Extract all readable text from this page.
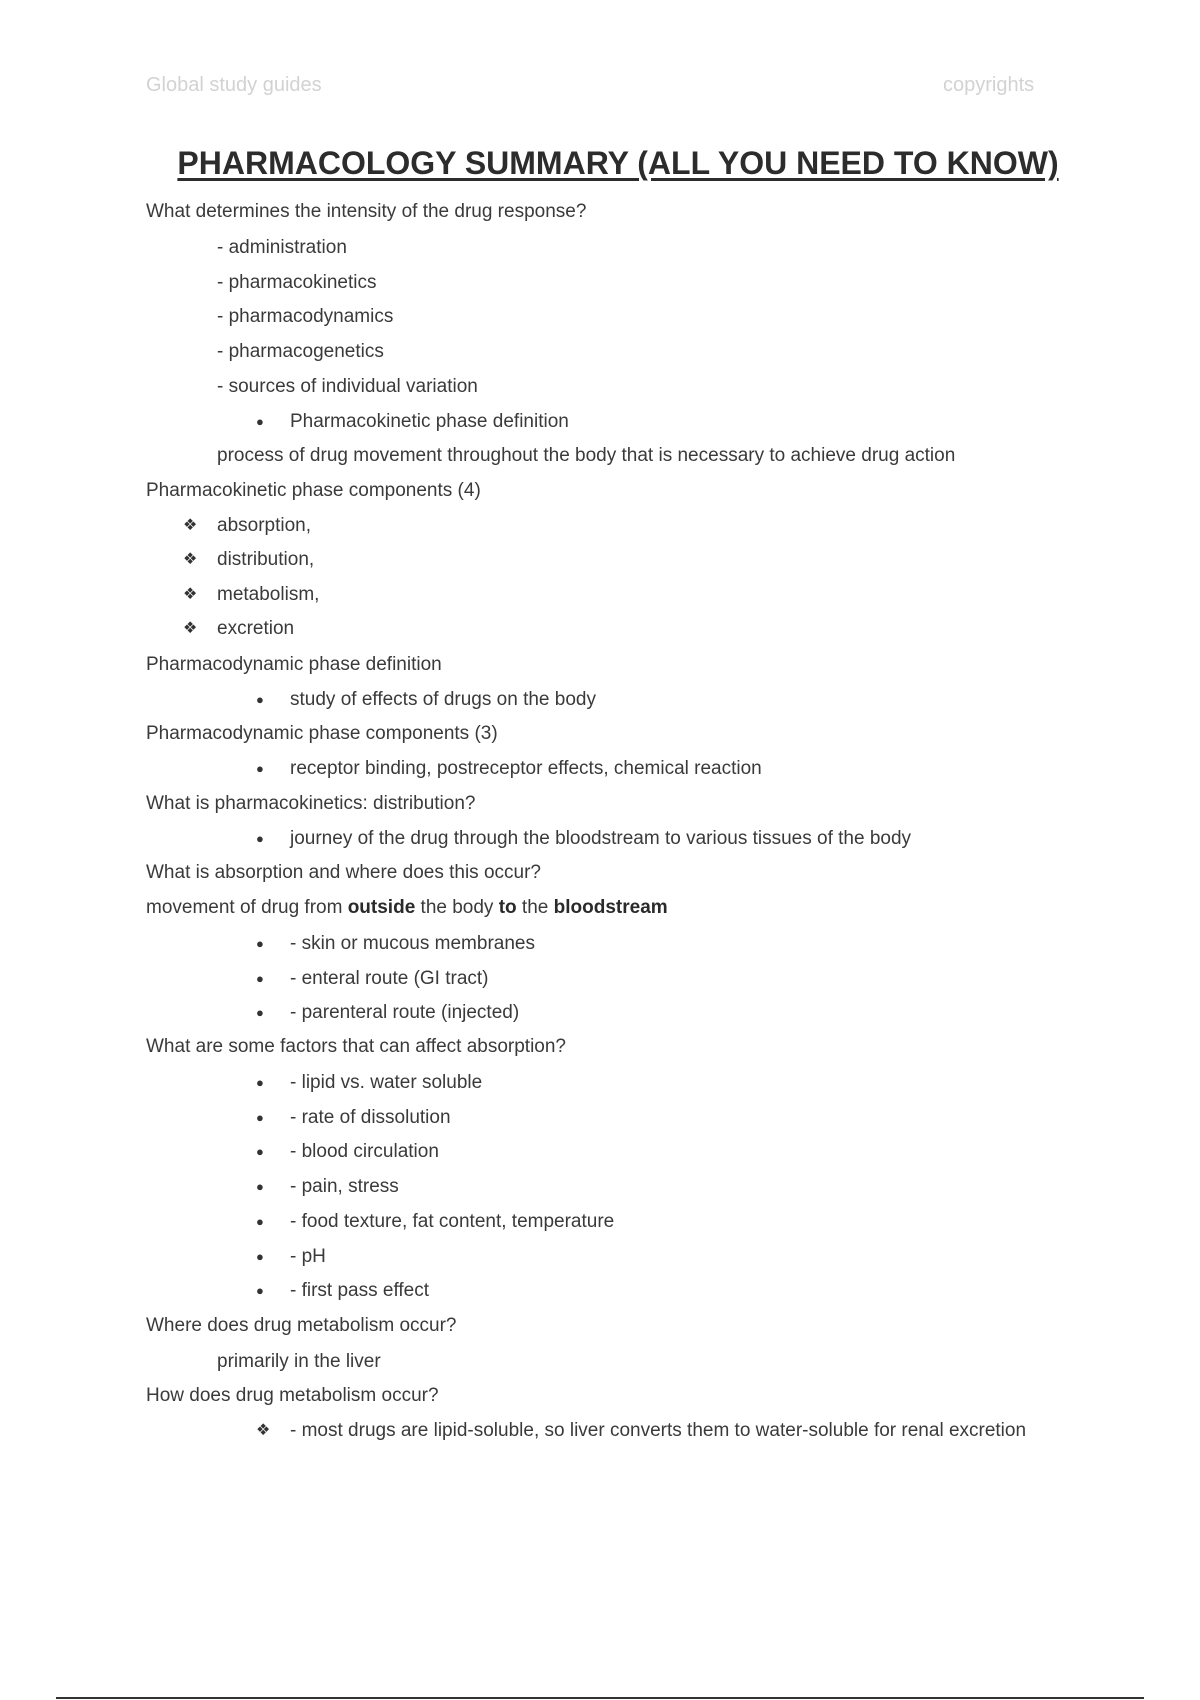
Global study guides	copyrights
PHARMACOLOGY SUMMARY (ALL YOU NEED TO KNOW)
What determines the intensity of the drug response?
- administration
- pharmacokinetics
- pharmacodynamics
- pharmacogenetics
- sources of individual variation
● Pharmacokinetic phase definition
process of drug movement throughout the body that is necessary to achieve drug action
Pharmacokinetic phase components (4)
❖ absorption,
❖ distribution,
❖ metabolism,
❖ excretion
Pharmacodynamic phase definition
● study of effects of drugs on the body
Pharmacodynamic phase components (3)
● receptor binding, postreceptor effects, chemical reaction
What is pharmacokinetics: distribution?
● journey of the drug through the bloodstream to various tissues of the body
What is absorption and where does this occur?
movement of drug from outside the body to the bloodstream
● - skin or mucous membranes
● - enteral route (GI tract)
● - parenteral route (injected)
What are some factors that can affect absorption?
● - lipid vs. water soluble
● - rate of dissolution
● - blood circulation
● - pain, stress
● - food texture, fat content, temperature
● - pH
● - first pass effect
Where does drug metabolism occur?
primarily in the liver
How does drug metabolism occur?
❖ - most drugs are lipid-soluble, so liver converts them to water-soluble for renal excretion
